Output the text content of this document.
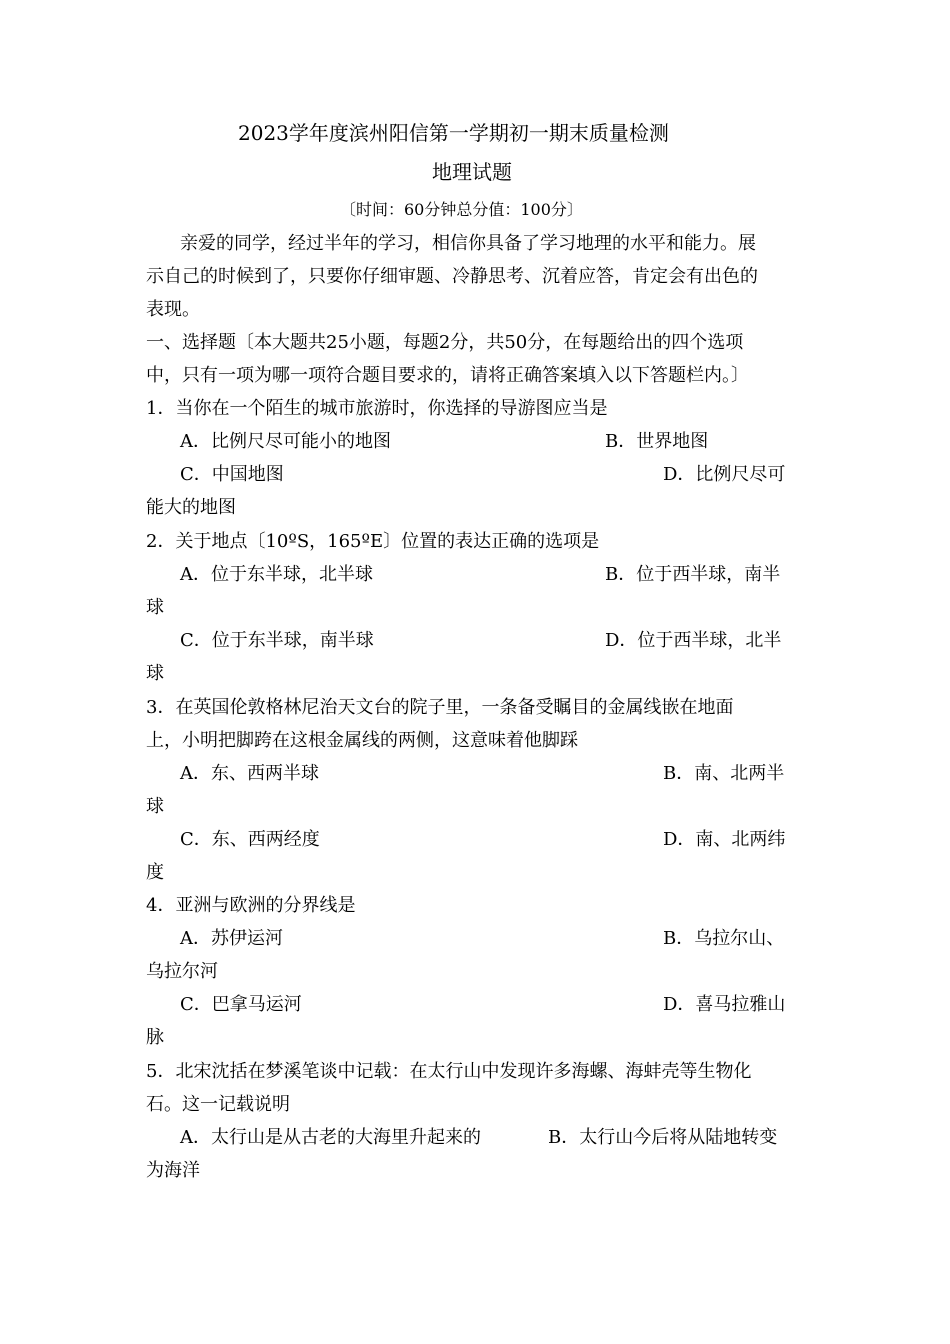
2023学年度滨州阳信第一学期初一期末质量检测
地理试题
〔时间：60分钟总分值：100分〕
亲爱的同学，经过半年的学习，相信你具备了学习地理的水平和能力。展
示自己的时候到了，只要你仔细审题、冷静思考、沉着应答，肯定会有出色的
表现。
一、选择题〔本大题共25小题，每题2分，共50分，在每题给出的四个选项
中，只有一项为哪一项符合题目要求的，请将正确答案填入以下答题栏内。〕
1．当你在一个陌生的城市旅游时，你选择的导游图应当是
A．比例尺尽可能小的地图	B．世界地图
C．中国地图	D．比例尺尽可
能大的地图
2．关于地点〔10ºS，165ºE〕位置的表达正确的选项是
A．位于东半球，北半球	B．位于西半球，南半
球
C．位于东半球，南半球	D．位于西半球，北半
球
3．在英国伦敦格林尼治天文台的院子里，一条备受瞩目的金属线嵌在地面
上，小明把脚跨在这根金属线的两侧，这意味着他脚踩
A．东、西两半球	B．南、北两半
球
C．东、西两经度	D．南、北两纬
度
4．亚洲与欧洲的分界线是
A．苏伊运河	B．乌拉尔山、
乌拉尔河
C．巴拿马运河	D．喜马拉雅山
脉
5．北宋沈括在梦溪笔谈中记载：在太行山中发现许多海螺、海蚌壳等生物化
石。这一记载说明
A．太行山是从古老的大海里升起来的	B．太行山今后将从陆地转变
为海洋
